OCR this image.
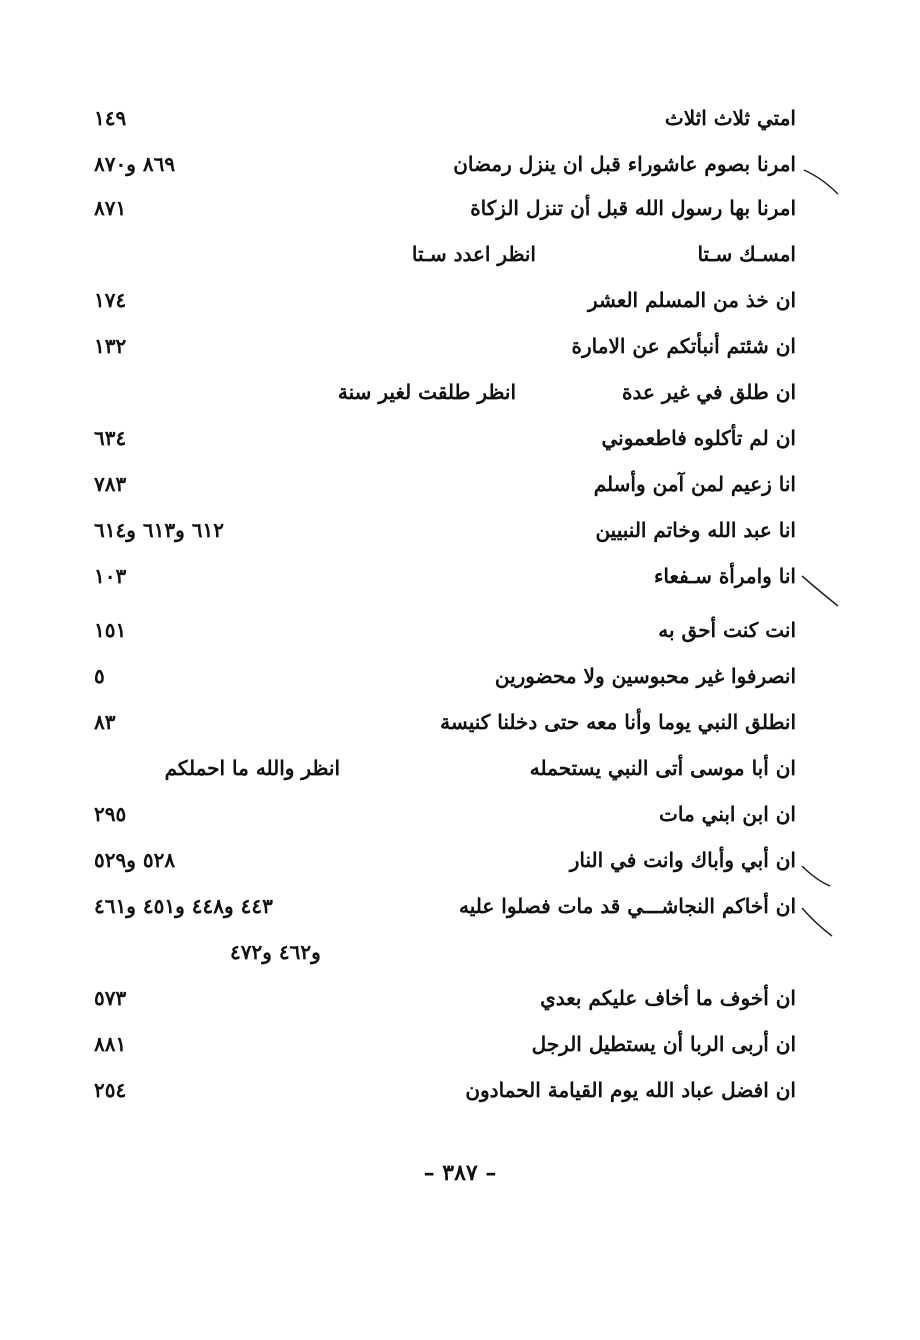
امتي ثلاث اثلاث
١٤٩
امرنا بصوم عاشوراء قبل ان ينزل رمضان
٨٦٩ و٨٧٠
امرنا بها رسول الله قبل أن تنزل الزكاة
٨٧١
امسـك سـتا
انظر اعدد سـتا
ان خذ من المسلم العشر
١٧٤
ان شئتم أنبأتكم عن الامارة
١٣٢
ان طلق في غير عدة
انظر طلقت لغير سنة
ان لم تأكلوه فاطعموني
٦٣٤
انا زعيم لمن آمن وأسلم
٧٨٣
انا عبد الله وخاتم النبيين
٦١٢ و٦١٣ و٦١٤
انا وامرأة سـفعاء
١٠٣
انت كنت أحق به
١٥١
انصرفوا غير محبوسين ولا محضورين
٥
انطلق النبي يوما وأنا معه حتى دخلنا كنيسة
٨٣
ان أبا موسى أتى النبي يستحمله
انظر والله ما احملكم
ان ابن ابني مات
٢٩٥
ان أبي وأباك وانت في النار
٥٢٨ و٥٢٩
ان أخاكم النجاشـــي قد مات فصلوا عليه
٤٤٣ و٤٤٨ و٤٥١ و٤٦١
و٤٦٢ و٤٧٢
ان أخوف ما أخاف عليكم بعدي
٥٧٣
ان أربى الربا أن يستطيل الرجل
٨٨١
ان افضل عباد الله يوم القيامة الحمادون
٢٥٤
– ٣٨٧ –
